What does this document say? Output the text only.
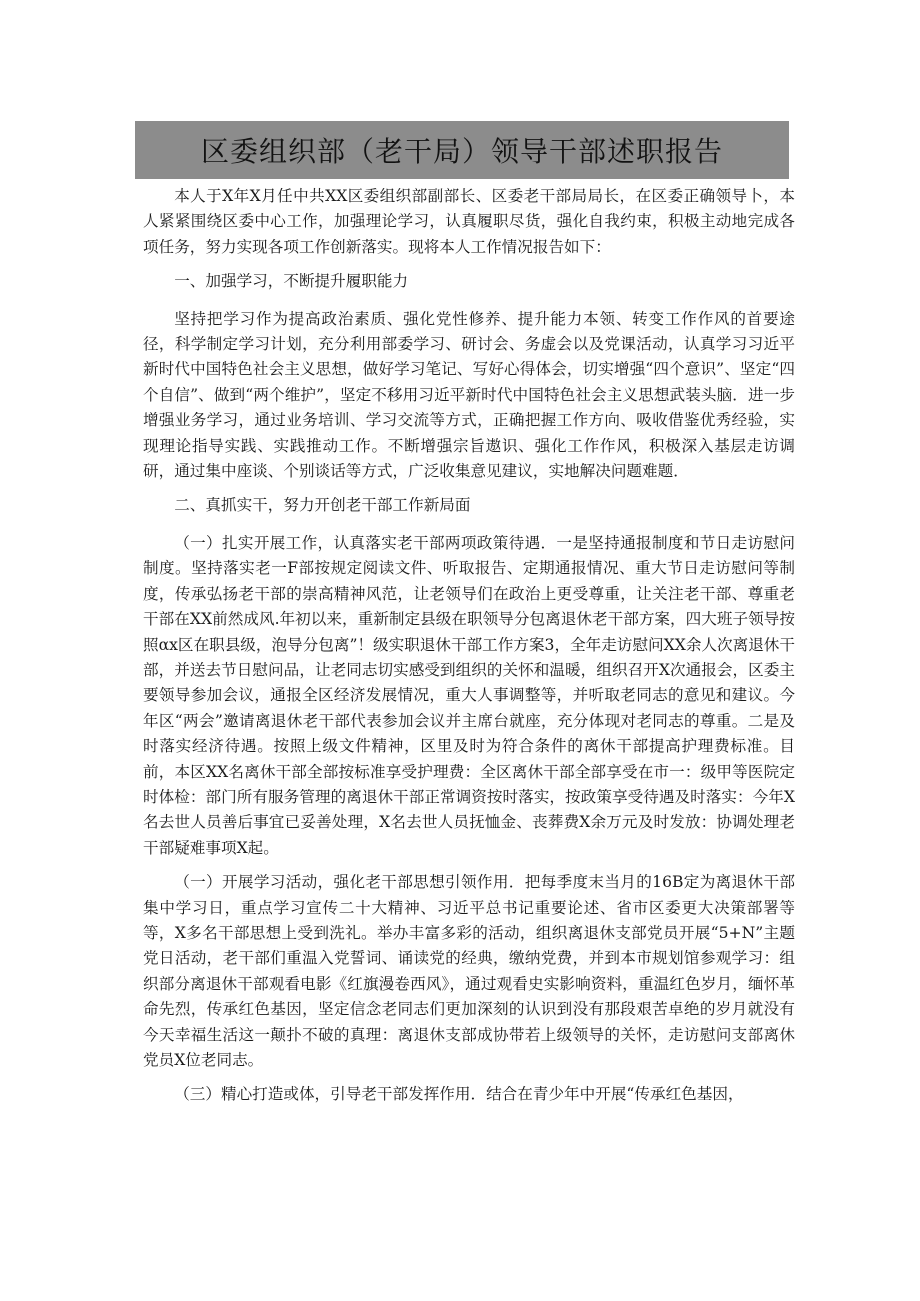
区委组织部（老干局）领导干部述职报告

本人于X年X月任中共XX区委组织部副部长、区委老干部局局长，在区委正确领导卜，本人紧紧围绕区委中心工作，加强理论学习，认真履职尽货，强化自我约束，积极主动地完成各项任务，努力实现各项工作创新落实。现将本人工作情况报告如下：

一、加强学习，不断提升履职能力

坚持把学习作为提高政治素质、强化党性修养、提升能力本领、转变工作作风的首要途径，科学制定学习计划，充分利用部委学习、研讨会、务虚会以及党课活动，认真学习习近平新时代中国特色社会主义思想，做好学习笔记、写好心得体会，切实增强“四个意识”、坚定“四个自信”、做到“两个维护”，坚定不移用习近平新时代中国特色社会主义思想武装头脑．进一步增强业务学习，通过业务培训、学习交流等方式，正确把握工作方向、吸收借鉴优秀经验，实现理论指导实践、实践推动工作。不断增强宗旨遨识、强化工作作风，积极深入基层走访调研，通过集中座谈、个别谈话等方式，广泛收集意见建议，实地解决问题难题．

二、真抓实干，努力开创老干部工作新局面

（一）扎实开展工作，认真落实老干部两项政策待遇．一是坚持通报制度和节日走访慰问制度。坚持落实老一F部按规定阅读文件、听取报告、定期通报情况、重大节日走访慰问等制度，传承弘扬老干部的崇高精神风范，让老领导们在政治上更受尊重，让关注老干部、尊重老干部在XX前然成风.年初以来，重新制定县级在职领导分包离退休老干部方案，四大班子领导按照αx区在职县级，泡导分包离”！级实职退休干部工作方案3，全年走访慰问XX余人次离退休干部，并送去节日慰问品，让老同志切实感受到组织的关怀和温暖，组织召开X次通报会，区委主要领导参加会议，通报全区经济发展情况，重大人事调整等，并听取老同志的意见和建议。今年区“两会”邀请离退休老干部代表参加会议并主席台就座，充分体现对老同志的尊重。二是及时落实经济待遇。按照上级文件精神，区里及时为符合条件的离休干部提高护理费标准。目前，本区XX名离休干部全部按标准享受护理费：全区离休干部全部享受在市一：级甲等医院定时体检：部门所有服务管理的离退休干部正常调资按时落实，按政策享受待遇及时落实：今年X名去世人员善后事宜已妥善处理，X名去世人员抚恤金、丧葬费X余万元及时发放：协调处理老干部疑难事项X起。

（一）开展学习活动，强化老干部思想引领作用．把每季度末当月的16B定为离退休干部集中学习日，重点学习宣传二十大精神、习近平总书记重要论述、省市区委更大决策部署等等，X多名干部思想上受到洗礼。举办丰富多彩的活动，组织离退休支部党员开展“5+N”主题党日活动，老干部们重温入党誓词、诵读党的经典，缴纳党费，并到本市规划馆参观学习：组织部分离退休干部观看电影《红旗漫卷西风》，通过观看史实影响资料，重温红色岁月，缅怀革命先烈，传承红色基因，坚定信念老同志们更加深刻的认识到没有那段艰苦卓绝的岁月就没有今天幸福生活这一颠扑不破的真理：离退休支部成协带若上级领导的关怀，走访慰问支部离休党员X位老同志。

（三）精心打造或体，引导老干部发挥作用．结合在青少年中开展“传承红色基因，
